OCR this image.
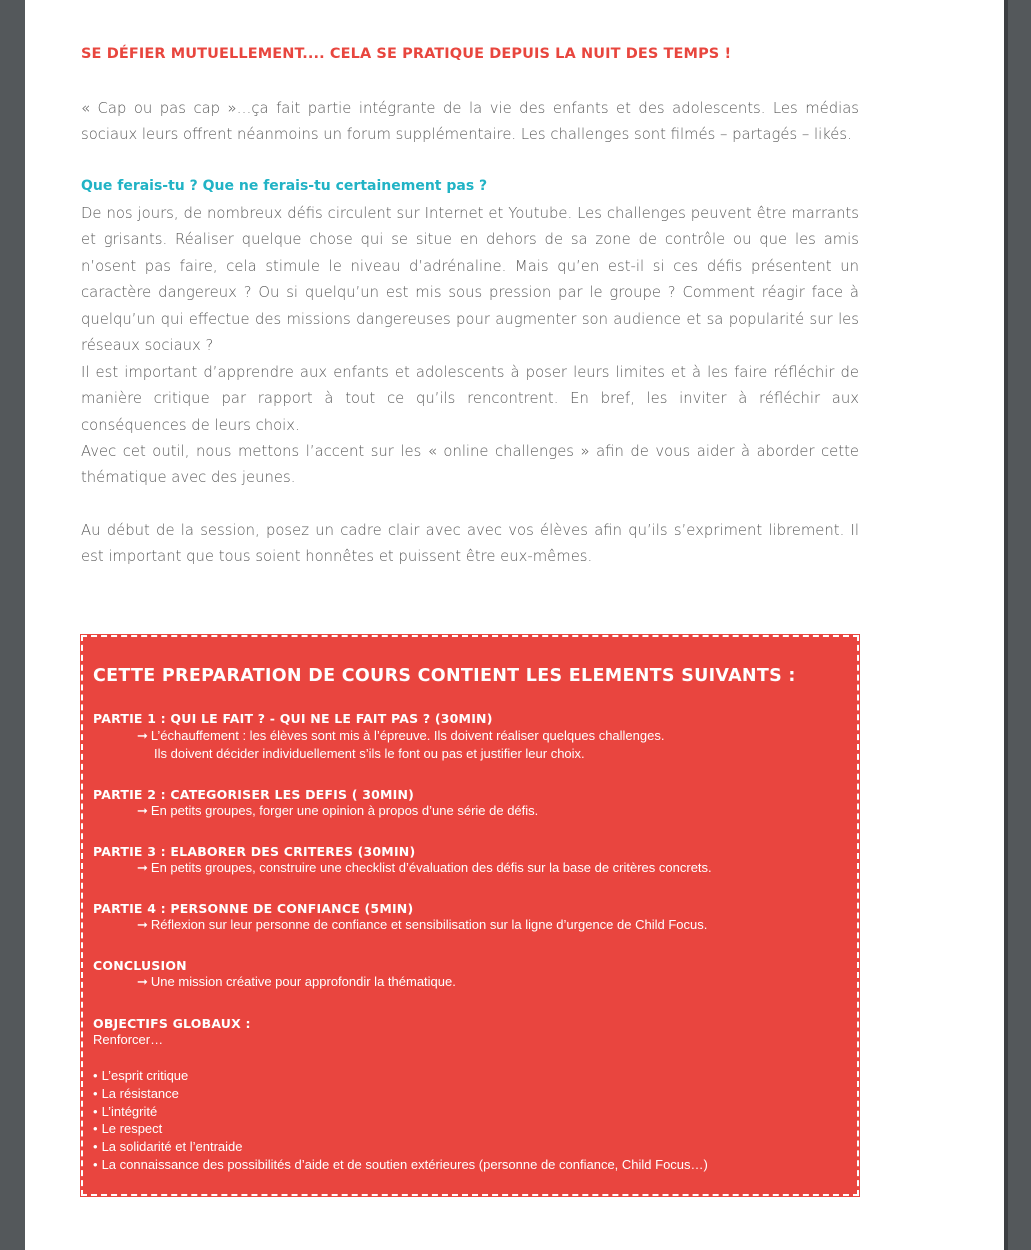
SE DÉFIER MUTUELLEMENT.... CELA SE PRATIQUE DEPUIS LA NUIT DES TEMPS !

« Cap ou pas cap »…ça fait partie intégrante de la vie des enfants et des adolescents. Les médias sociaux leurs offrent néanmoins un forum supplémentaire. Les challenges sont filmés – partagés – likés.

Que ferais-tu ? Que ne ferais-tu certainement pas ?

De nos jours, de nombreux défis circulent sur Internet et Youtube. Les challenges peuvent être marrants et grisants. Réaliser quelque chose qui se situe en dehors de sa zone de contrôle ou que les amis n’osent pas faire, cela stimule le niveau d’adrénaline. Mais qu’en est-il si ces défis présentent un caractère dangereux ? Ou si quelqu’un est mis sous pression par le groupe ? Comment réagir face à quelqu’un qui effectue des missions dangereuses pour augmenter son audience et sa popularité sur les réseaux sociaux ?

Il est important d’apprendre aux enfants et adolescents à poser leurs limites et à les faire réfléchir de manière critique par rapport à tout ce qu’ils rencontrent. En bref, les inviter à réfléchir aux conséquences de leurs choix.

Avec cet outil, nous mettons l’accent sur les « online challenges » afin de vous aider à aborder cette thématique avec des jeunes.

Au début de la session, posez un cadre clair avec avec vos élèves afin qu’ils s’expriment librement. Il est important que tous soient honnêtes et puissent être eux-mêmes.

CETTE PREPARATION DE COURS CONTIENT LES ELEMENTS SUIVANTS :
PARTIE 1 : QUI LE FAIT ? - QUI NE LE FAIT PAS ? (30MIN)
➞ L’échauffement : les élèves sont mis à l’épreuve. Ils doivent réaliser quelques challenges.
Ils doivent décider individuellement s’ils le font ou pas et justifier leur choix.
PARTIE 2 : CATEGORISER LES DEFIS ( 30MIN)
➞ En petits groupes, forger une opinion à propos d’une série de défis.
PARTIE 3 : ELABORER DES CRITERES (30MIN)
➞ En petits groupes, construire une checklist d’évaluation des défis sur la base de critères concrets.
PARTIE 4 : PERSONNE DE CONFIANCE (5MIN)
➞ Réflexion sur leur personne de confiance et sensibilisation sur la ligne d’urgence de Child Focus.
CONCLUSION
➞ Une mission créative pour approfondir la thématique.
OBJECTIFS GLOBAUX :
Renforcer…
• L’esprit critique
• La résistance
• L’intégrité
• Le respect
• La solidarité et l’entraide
• La connaissance des possibilités d’aide et de soutien extérieures (personne de confiance, Child Focus…)
